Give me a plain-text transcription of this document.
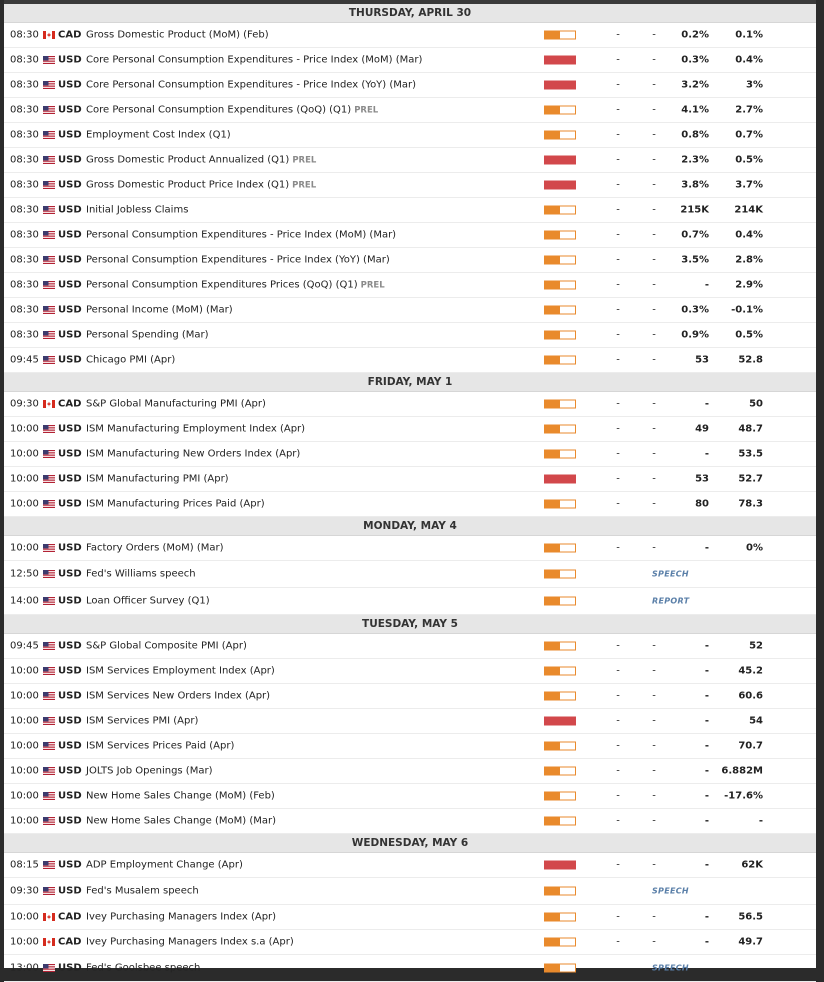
THURSDAY, APRIL 30
08:30 CAD Gross Domestic Product (MoM) (Feb)	-	-	0.2%	0.1%
08:30 USD Core Personal Consumption Expenditures - Price Index (MoM) (Mar)	-	-	0.3%	0.4%
08:30 USD Core Personal Consumption Expenditures - Price Index (YoY) (Mar)	-	-	3.2%	3%
08:30 USD Core Personal Consumption Expenditures (QoQ) (Q1) PREL	-	-	4.1%	2.7%
08:30 USD Employment Cost Index (Q1)	-	-	0.8%	0.7%
08:30 USD Gross Domestic Product Annualized (Q1) PREL	-	-	2.3%	0.5%
08:30 USD Gross Domestic Product Price Index (Q1) PREL	-	-	3.8%	3.7%
08:30 USD Initial Jobless Claims	-	-	215K	214K
08:30 USD Personal Consumption Expenditures - Price Index (MoM) (Mar)	-	-	0.7%	0.4%
08:30 USD Personal Consumption Expenditures - Price Index (YoY) (Mar)	-	-	3.5%	2.8%
08:30 USD Personal Consumption Expenditures Prices (QoQ) (Q1) PREL	-	-	-	2.9%
08:30 USD Personal Income (MoM) (Mar)	-	-	0.3%	-0.1%
08:30 USD Personal Spending (Mar)	-	-	0.9%	0.5%
09:45 USD Chicago PMI (Apr)	-	-	53	52.8
FRIDAY, MAY 1
09:30 CAD S&P Global Manufacturing PMI (Apr)	-	-	-	50
10:00 USD ISM Manufacturing Employment Index (Apr)	-	-	49	48.7
10:00 USD ISM Manufacturing New Orders Index (Apr)	-	-	-	53.5
10:00 USD ISM Manufacturing PMI (Apr)	-	-	53	52.7
10:00 USD ISM Manufacturing Prices Paid (Apr)	-	-	80	78.3
MONDAY, MAY 4
10:00 USD Factory Orders (MoM) (Mar)	-	-	-	0%
12:50 USD Fed's Williams speech	SPEECH
14:00 USD Loan Officer Survey (Q1)	REPORT
TUESDAY, MAY 5
09:45 USD S&P Global Composite PMI (Apr)	-	-	-	52
10:00 USD ISM Services Employment Index (Apr)	-	-	-	45.2
10:00 USD ISM Services New Orders Index (Apr)	-	-	-	60.6
10:00 USD ISM Services PMI (Apr)	-	-	-	54
10:00 USD ISM Services Prices Paid (Apr)	-	-	-	70.7
10:00 USD JOLTS Job Openings (Mar)	-	-	-	6.882M
10:00 USD New Home Sales Change (MoM) (Feb)	-	-	-	-17.6%
10:00 USD New Home Sales Change (MoM) (Mar)	-	-	-	-
WEDNESDAY, MAY 6
08:15 USD ADP Employment Change (Apr)	-	-	-	62K
09:30 USD Fed's Musalem speech	SPEECH
10:00 CAD Ivey Purchasing Managers Index (Apr)	-	-	-	56.5
10:00 CAD Ivey Purchasing Managers Index s.a (Apr)	-	-	-	49.7
13:00 USD Fed's Goolsbee speech	SPEECH
